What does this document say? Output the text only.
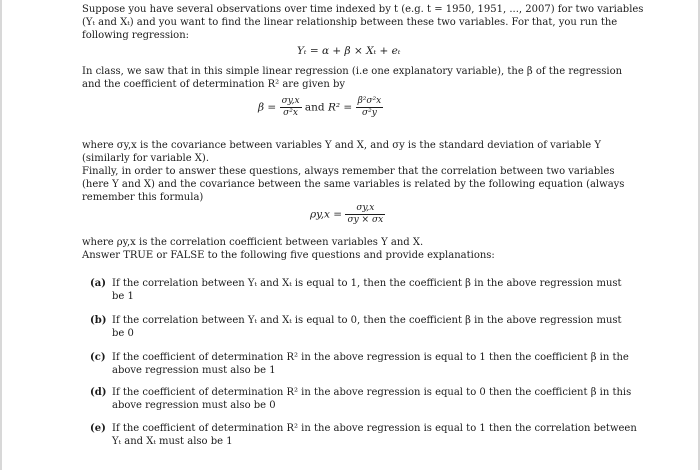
Suppose you have several observations over time indexed by t (e.g. t = 1950, 1951, ..., 2007) for two variables
(Yₜ and Xₜ) and you want to find the linear relationship between these two variables. For that, you run the
following regression:
Yₜ = α + β × Xₜ + eₜ
In class, we saw that in this simple linear regression (i.e one explanatory variable), the β of the regression
and the coefficient of determination R² are given by
$\beta = \frac{\sigma y,x}{\text{σ²x}}$ and $R^2 = \frac{\text{β²σ²x}}{\text{σ²y}}$
where σy,x is the covariance between variables Y and X, and σy is the standard deviation of variable Y
(similarly for variable X).
Finally, in order to answer these questions, always remember that the correlation between two variables
(here Y and X) and the covariance between the same variables is related by the following equation (always
remember this formula)
$\rho y,x = \frac{\sigma y,x}{\sigma y \times \sigma x}$
where ρy,x is the correlation coefficient between variables Y and X.
Answer TRUE or FALSE to the following five questions and provide explanations:
(a) If the correlation between Yₜ and Xₜ is equal to 1, then the coefficient β in the above regression must
be 1
(b) If the correlation between Yₜ and Xₜ is equal to 0, then the coefficient β in the above regression must
be 0
(c) If the coefficient of determination R² in the above regression is equal to 1 then the coefficient β in the
above regression must also be 1
(d) If the coefficient of determination R² in the above regression is equal to 0 then the coefficient β in this
above regression must also be 0
(e) If the coefficient of determination R² in the above regression is equal to 1 then the correlation between
Yₜ and Xₜ must also be 1
